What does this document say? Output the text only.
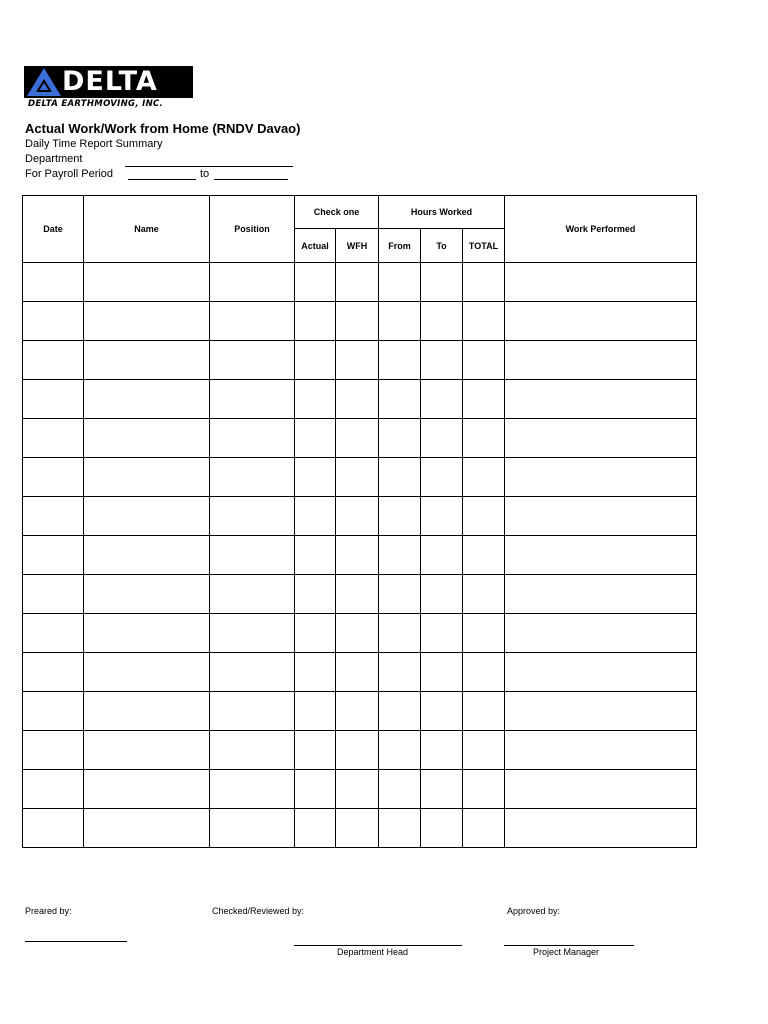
DELTA
DELTA EARTHMOVING, INC.
Actual Work/Work from Home (RNDV Davao)
Daily Time Report Summary
Department
For Payroll Period	to
Date	Name	Position	Check one		Hours Worked			Work Performed
			Actual	WFH	From	To	TOTAL	

Preared by:	Checked/Reviewed by:	Approved by:
Department Head	Project Manager
